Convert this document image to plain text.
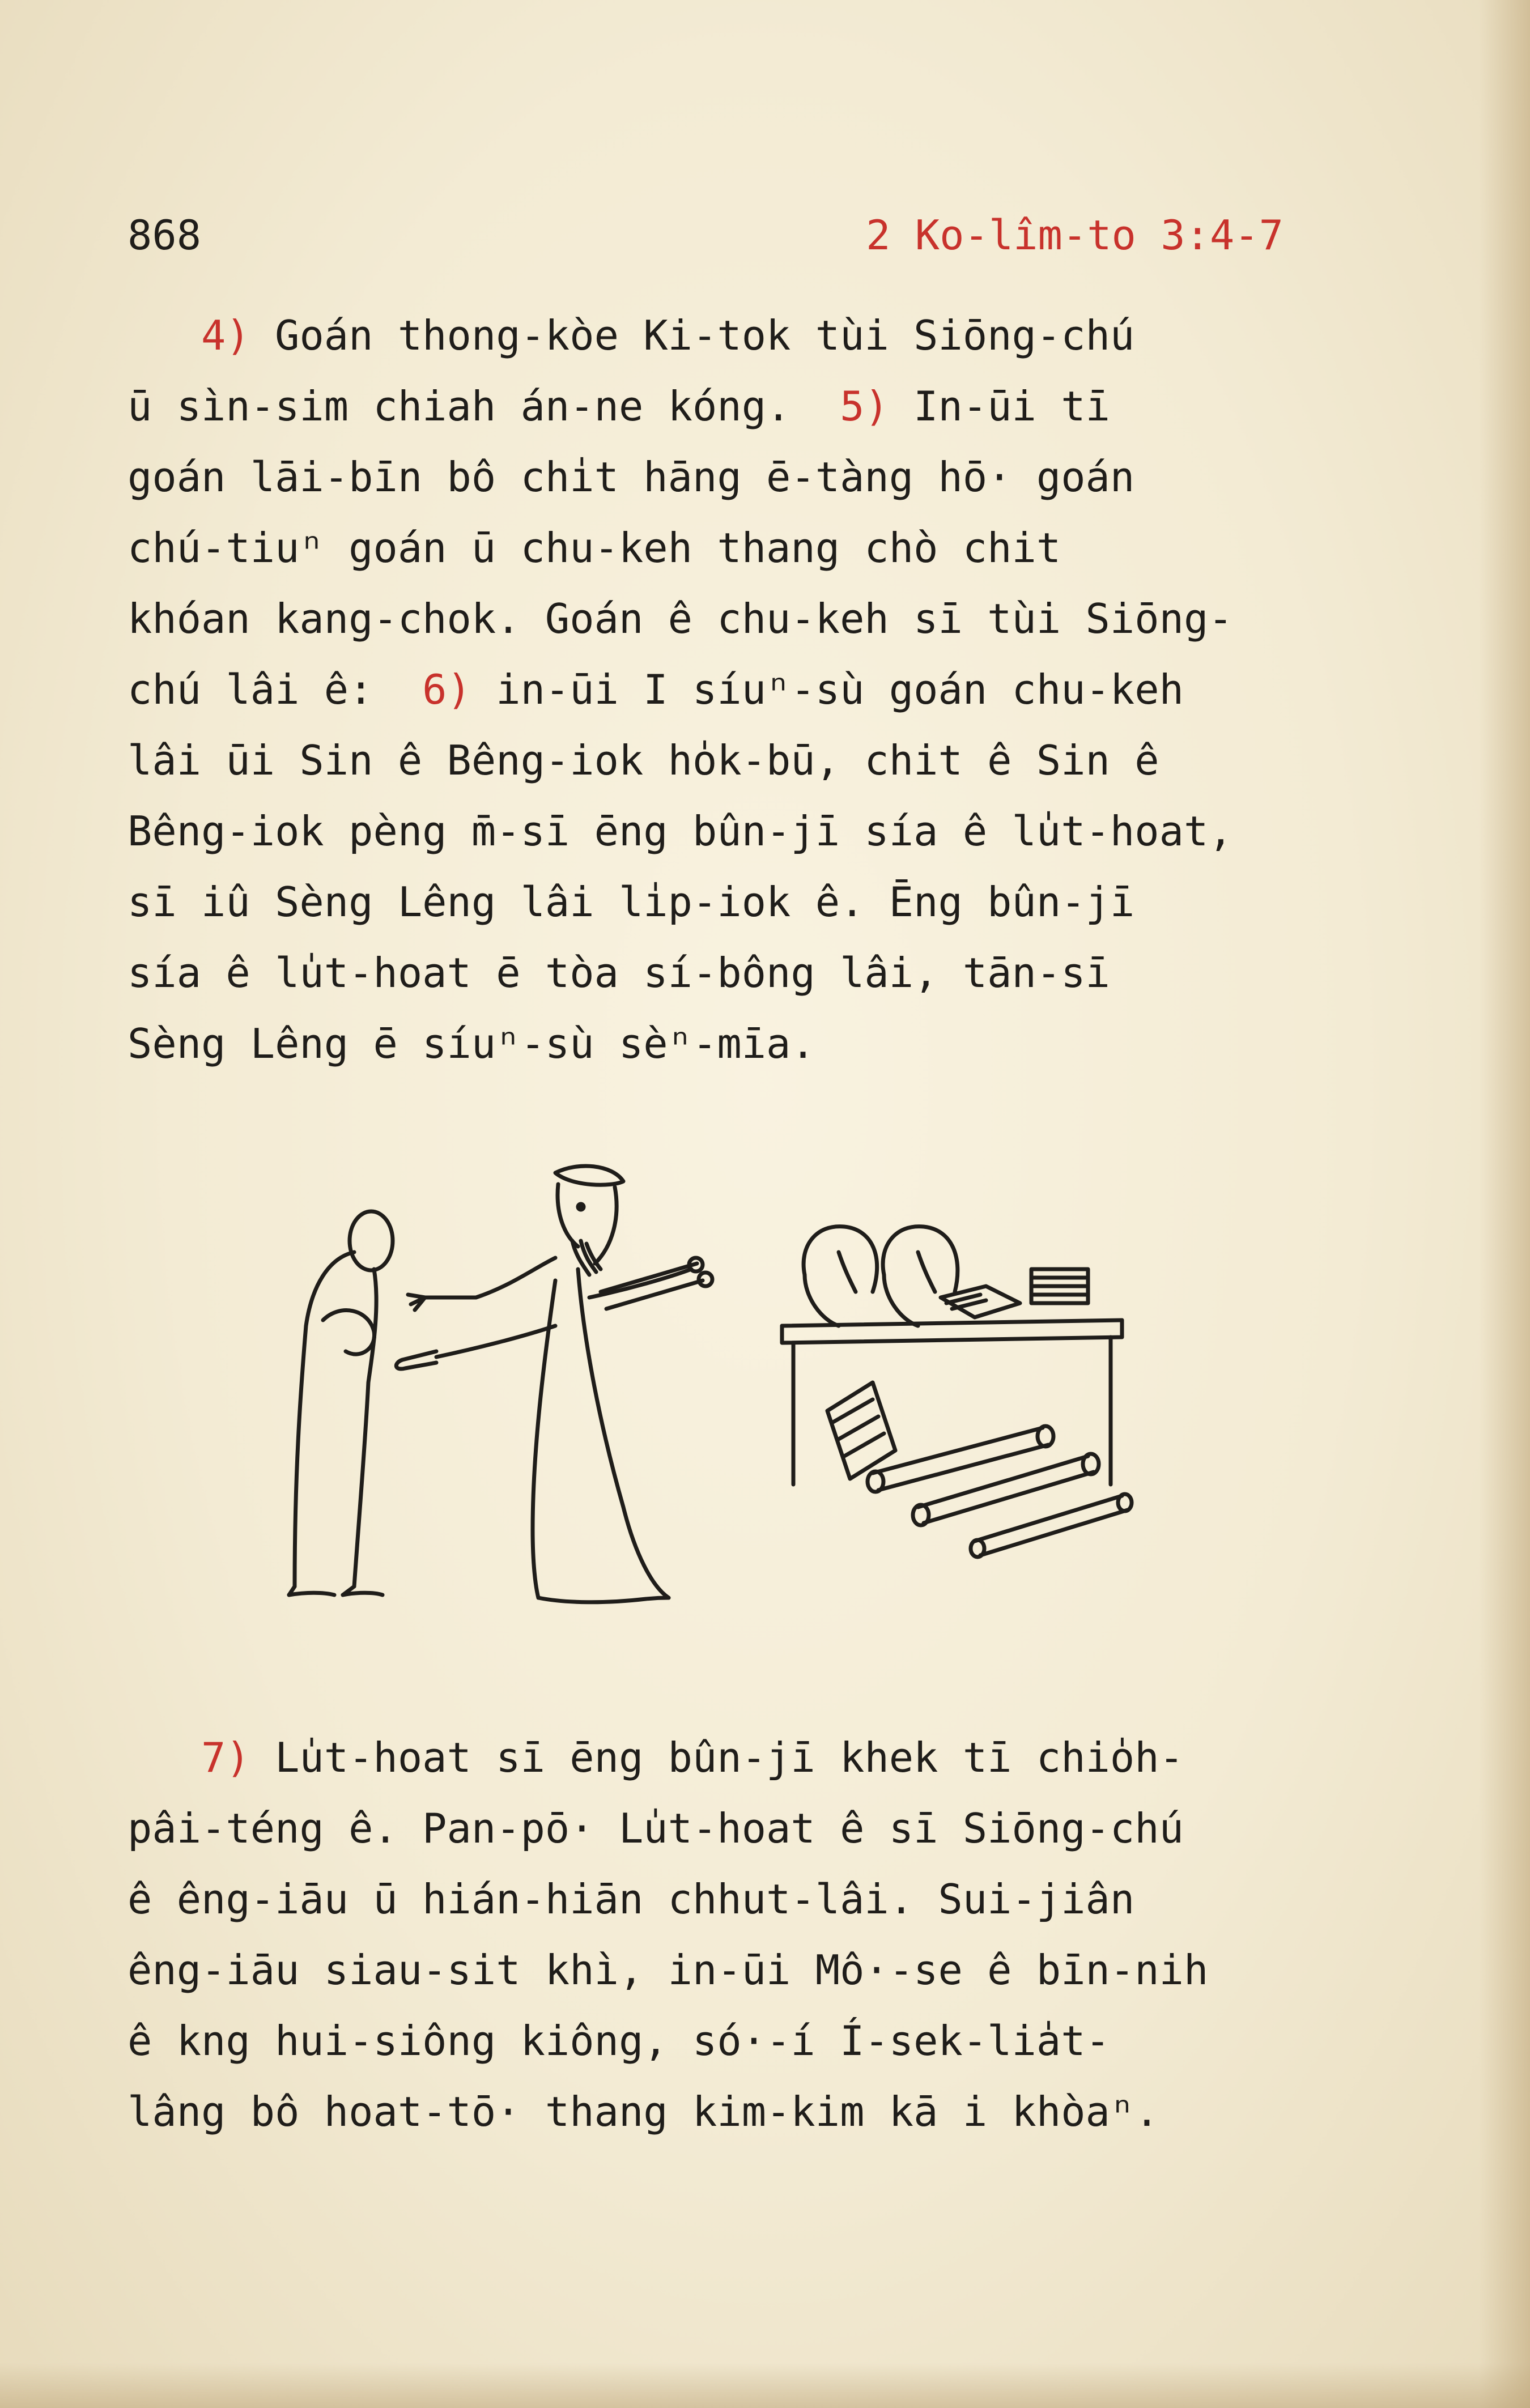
868	2 Ko-lîm-to 3:4-7
4) Goán thong-kòe Ki-tok tùi Siōng-chú
ū sìn-sim chiah án-ne kóng.  5) In-ūi tī
goán lāi-bīn bô chi̍t hāng ē-tàng hō· goán
chú-tiuⁿ goán ū chu-keh thang chò chit
khóan kang-chok. Goán ê chu-keh sī tùi Siōng-
chú lâi ê:  6) in-ūi I síuⁿ-sù goán chu-keh
lâi ūi Sin ê Bêng-iok ho̍k-bū, chit ê Sin ê
Bêng-iok pèng m̄-sī ēng bûn-jī sía ê lu̍t-hoat,
sī iû Sèng Lêng lâi li̍p-iok ê. Ēng bûn-jī
sía ê lu̍t-hoat ē tòa sí-bông lâi, tān-sī
Sèng Lêng ē síuⁿ-sù sèⁿ-mīa.
7) Lu̍t-hoat sī ēng bûn-jī khek tī chio̍h-
pâi-téng ê. Pan-pō· Lu̍t-hoat ê sī Siōng-chú
ê êng-iāu ū hián-hiān chhut-lâi. Sui-jiân
êng-iāu siau-sit khì, in-ūi Mô·-se ê bīn-nih
ê kng hui-siông kiông, só·-í Í-sek-lia̍t-
lâng bô hoat-tō· thang kim-kim kā i khòaⁿ.
